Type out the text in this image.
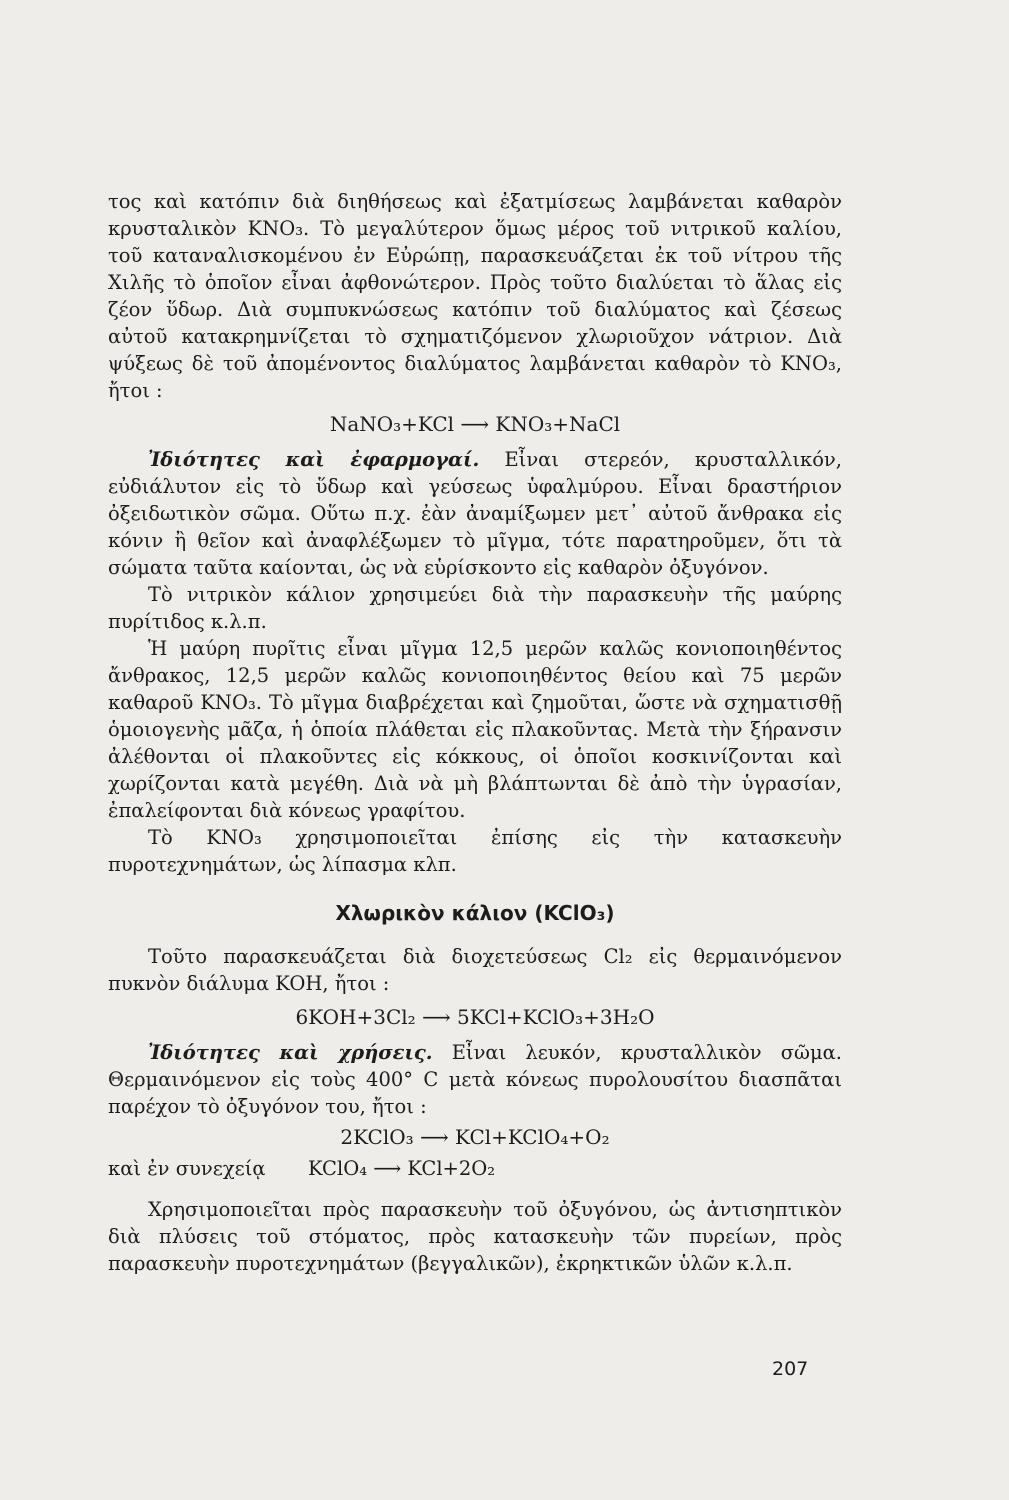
τος καὶ κατόπιν διὰ διηθήσεως καὶ ἐξατμίσεως λαμβάνεται καθαρὸν κρυσταλικὸν KNO₃. Τὸ μεγαλύτερον ὅμως μέρος τοῦ νιτρικοῦ καλίου, τοῦ καταναλισκομένου ἐν Εὐρώπῃ, παρασκευάζεται ἐκ τοῦ νίτρου τῆς Χιλῆς τὸ ὁποῖον εἶναι ἀφθονώτερον. Πρὸς τοῦτο διαλύεται τὸ ἅλας εἰς ζέον ὕδωρ. Διὰ συμπυκνώσεως κατόπιν τοῦ διαλύματος καὶ ζέσεως αὐτοῦ κατακρημνίζεται τὸ σχηματιζόμενον χλωριοῦχον νάτριον. Διὰ ψύξεως δὲ τοῦ ἀπομένοντος διαλύματος λαμβάνεται καθαρὸν τὸ KNO₃, ἤτοι :

NaNO₃+KCl ⟶ KNO₃+NaCl

Ἰδιότητες καὶ ἐφαρμογαί. Εἶναι στερεόν, κρυσταλλικόν, εὐδιάλυτον εἰς τὸ ὕδωρ καὶ γεύσεως ὑφαλμύρου. Εἶναι δραστήριον ὀξειδωτικὸν σῶμα. Οὕτω π.χ. ἐὰν ἀναμίξωμεν μετ᾽ αὐτοῦ ἄνθρακα εἰς κόνιν ἢ θεῖον καὶ ἀναφλέξωμεν τὸ μῖγμα, τότε παρατηροῦμεν, ὅτι τὰ σώματα ταῦτα καίονται, ὡς νὰ εὑρίσκοντο εἰς καθαρὸν ὀξυγόνον.

Τὸ νιτρικὸν κάλιον χρησιμεύει διὰ τὴν παρασκευὴν τῆς μαύρης πυρίτιδος κ.λ.π.

Ἡ μαύρη πυρῖτις εἶναι μῖγμα 12,5 μερῶν καλῶς κονιοποιηθέντος ἄνθρακος, 12,5 μερῶν καλῶς κονιοποιηθέντος θείου καὶ 75 μερῶν καθαροῦ KNO₃. Τὸ μῖγμα διαβρέχεται καὶ ζημοῦται, ὥστε νὰ σχηματισθῇ ὁμοιογενὴς μᾶζα, ἡ ὁποία πλάθεται εἰς πλακοῦντας. Μετὰ τὴν ξήρανσιν ἀλέθονται οἱ πλακοῦντες εἰς κόκκους, οἱ ὁποῖοι κοσκινίζονται καὶ χωρίζονται κατὰ μεγέθη. Διὰ νὰ μὴ βλάπτωνται δὲ ἀπὸ τὴν ὑγρασίαν, ἐπαλείφονται διὰ κόνεως γραφίτου.

Τὸ KNO₃ χρησιμοποιεῖται ἐπίσης εἰς τὴν κατασκευὴν πυροτεχνημάτων, ὡς λίπασμα κλπ.

Χλωρικὸν κάλιον (KClO₃)

Τοῦτο παρασκευάζεται διὰ διοχετεύσεως Cl₂ εἰς θερμαινόμενον πυκνὸν διάλυμα KOH, ἤτοι :

6KOH+3Cl₂ ⟶ 5KCl+KClO₃+3H₂O

Ἰδιότητες καὶ χρήσεις. Εἶναι λευκόν, κρυσταλλικὸν σῶμα. Θερμαινόμενον εἰς τοὺς 400° C μετὰ κόνεως πυρολουσίτου διασπᾶται παρέχον τὸ ὀξυγόνον του, ἤτοι :

2KClO₃ ⟶ KCl+KClO₄+O₂

καὶ ἐν συνεχείᾳ	KClO₄ ⟶ KCl+2O₂

Χρησιμοποιεῖται πρὸς παρασκευὴν τοῦ ὀξυγόνου, ὡς ἀντισηπτικὸν διὰ πλύσεις τοῦ στόματος, πρὸς κατασκευὴν τῶν πυρείων, πρὸς παρασκευὴν πυροτεχνημάτων (βεγγαλικῶν), ἐκρηκτικῶν ὑλῶν κ.λ.π.

207
